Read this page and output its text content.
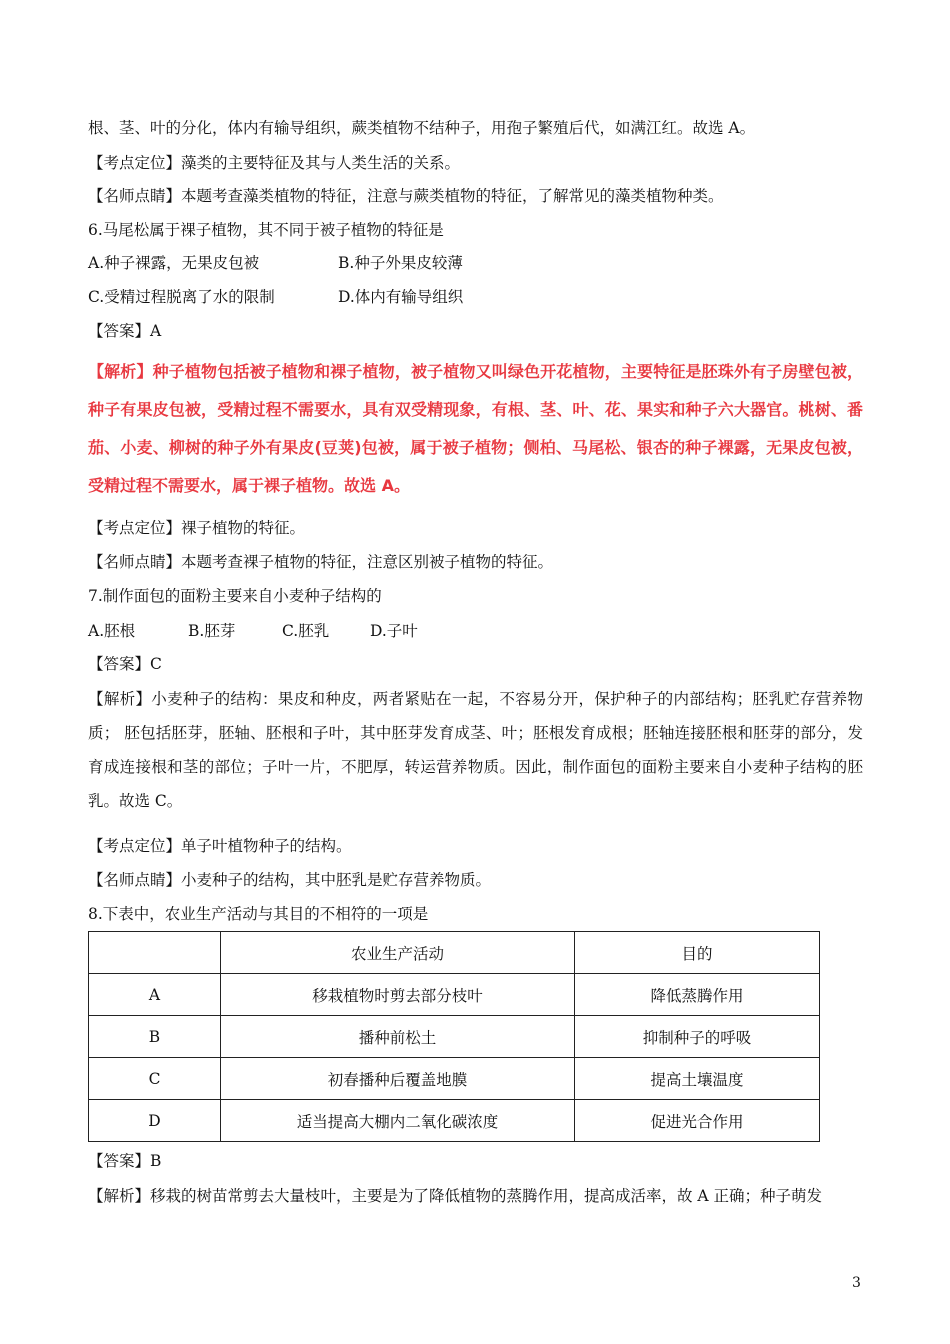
根、茎、叶的分化，体内有输导组织，蕨类植物不结种子，用孢子繁殖后代，如满江红。故选 A。
【考点定位】藻类的主要特征及其与人类生活的关系。
【名师点睛】本题考查藻类植物的特征，注意与蕨类植物的特征，了解常见的藻类植物种类。
6.马尾松属于裸子植物，其不同于被子植物的特征是
A.种子裸露，无果皮包被	B.种子外果皮较薄
C.受精过程脱离了水的限制	D.体内有输导组织
【答案】A
【解析】种子植物包括被子植物和裸子植物，被子植物又叫绿色开花植物，主要特征是胚珠外有子房壁包被，种子有果皮包被，受精过程不需要水，具有双受精现象，有根、茎、叶、花、果实和种子六大器官。桃树、番茄、小麦、柳树的种子外有果皮(豆荚)包被，属于被子植物；侧柏、马尾松、银杏的种子裸露，无果皮包被，受精过程不需要水，属于裸子植物。故选 A。
【考点定位】裸子植物的特征。
【名师点睛】本题考查裸子植物的特征，注意区别被子植物的特征。
7.制作面包的面粉主要来自小麦种子结构的
A.胚根	B.胚芽	C.胚乳	D.子叶
【答案】C
【解析】小麦种子的结构：果皮和种皮，两者紧贴在一起，不容易分开，保护种子的内部结构；胚乳贮存营养物质； 胚包括胚芽，胚轴、胚根和子叶，其中胚芽发育成茎、叶；胚根发育成根；胚轴连接胚根和胚芽的部分，发育成连接根和茎的部位；子叶一片，不肥厚，转运营养物质。因此，制作面包的面粉主要来自小麦种子结构的胚乳。故选 C。
【考点定位】单子叶植物种子的结构。
【名师点睛】小麦种子的结构，其中胚乳是贮存营养物质。
8.下表中，农业生产活动与其目的不相符的一项是
	农业生产活动	目的
A	移栽植物时剪去部分枝叶	降低蒸腾作用
B	播种前松土	抑制种子的呼吸
C	初春播种后覆盖地膜	提高土壤温度
D	适当提高大棚内二氧化碳浓度	促进光合作用
【答案】B
【解析】移栽的树苗常剪去大量枝叶，主要是为了降低植物的蒸腾作用，提高成活率，故 A 正确；种子萌发
3
